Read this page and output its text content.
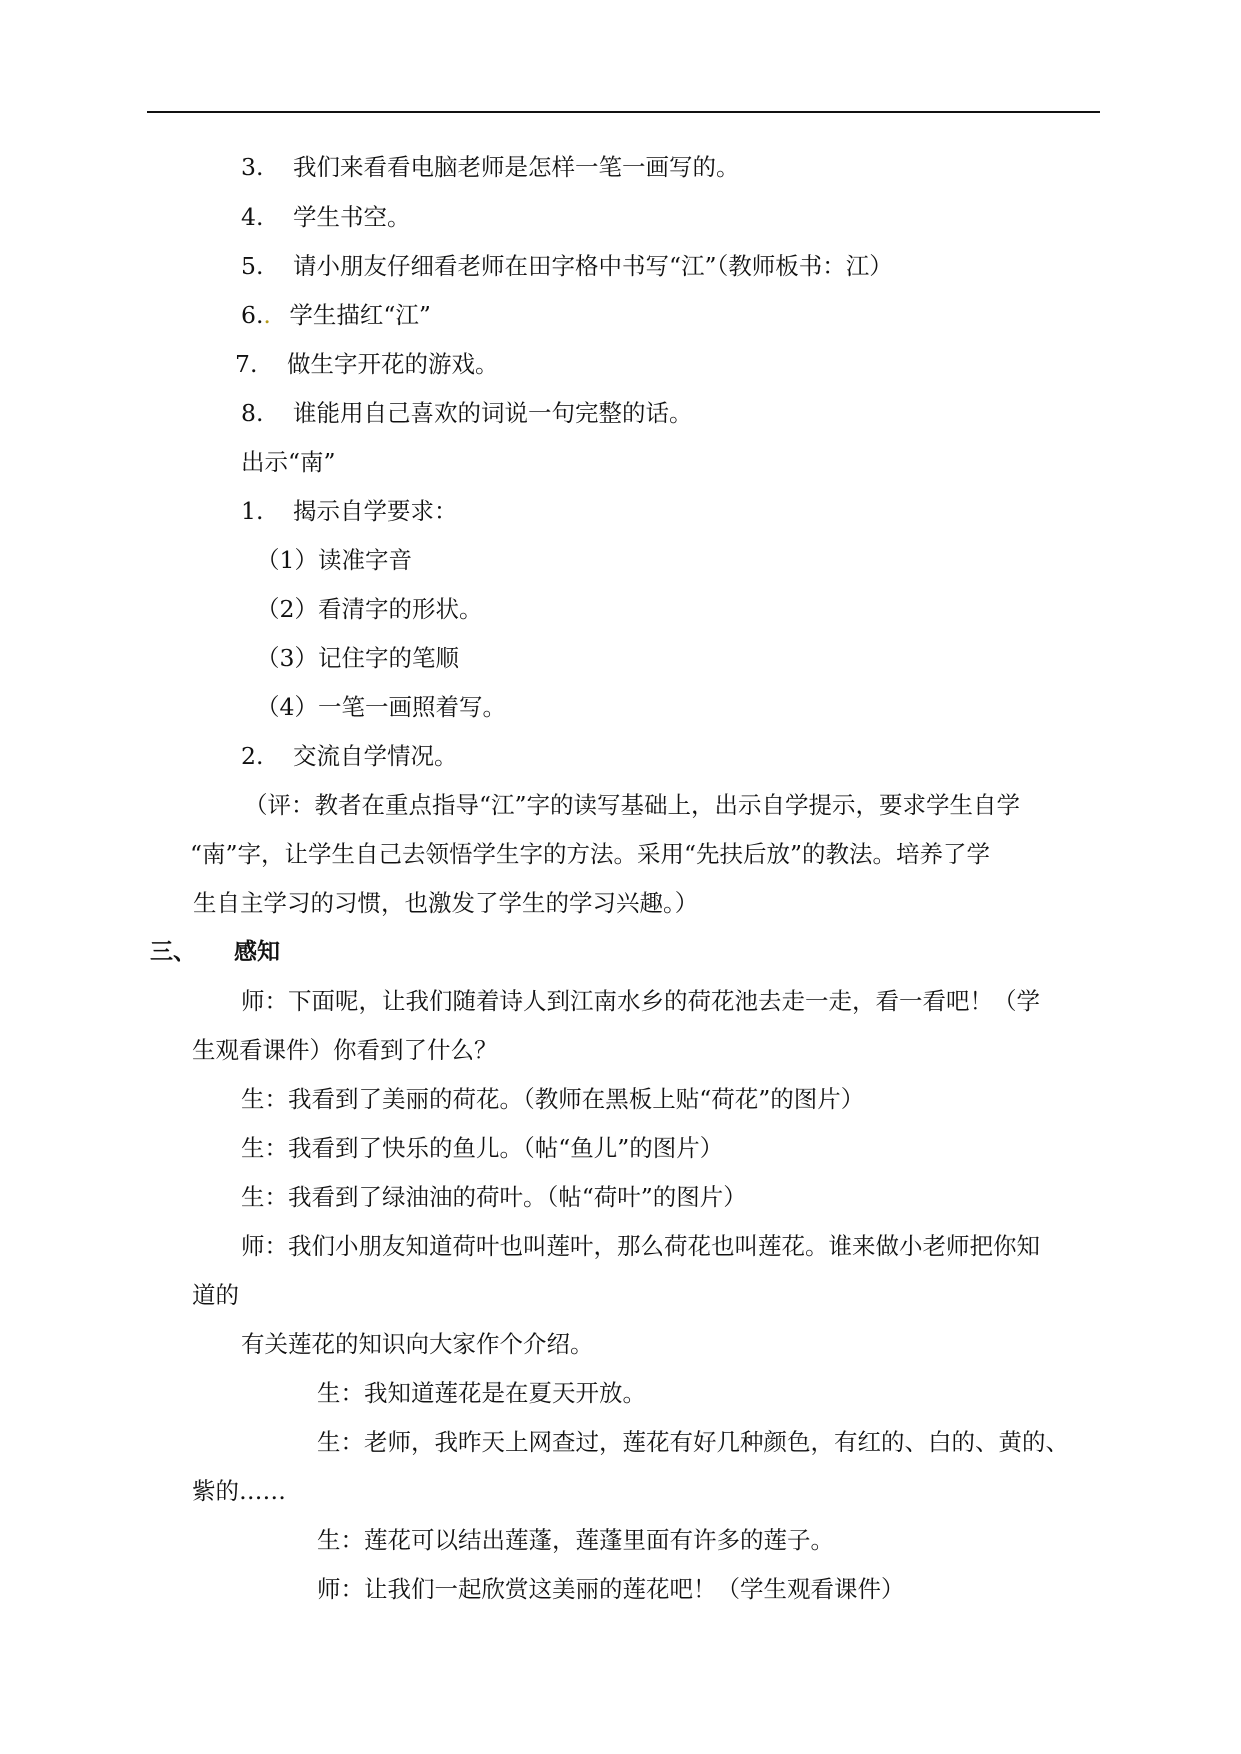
3. 我们来看看电脑老师是怎样一笔一画写的。
4. 学生书空。
5. 请小朋友仔细看老师在田字格中书写“江”（教师板书：江）
6.. 学生描红“江”
7. 做生字开花的游戏。
8. 谁能用自己喜欢的词说一句完整的话。
出示“南”
1. 揭示自学要求：
（1）读准字音
（2）看清字的形状。
（3）记住字的笔顺
（4）一笔一画照着写。
2. 交流自学情况。
（评：教者在重点指导“江”字的读写基础上，出示自学提示，要求学生自学
“南”字，让学生自己去领悟学生字的方法。采用“先扶后放”的教法。培养了学
生自主学习的习惯，也激发了学生的学习兴趣。）
三、 感知
师：下面呢，让我们随着诗人到江南水乡的荷花池去走一走，看一看吧！（学
生观看课件）你看到了什么？
生：我看到了美丽的荷花。（教师在黑板上贴“荷花”的图片）
生：我看到了快乐的鱼儿。（帖“鱼儿”的图片）
生：我看到了绿油油的荷叶。（帖“荷叶”的图片）
师：我们小朋友知道荷叶也叫莲叶，那么荷花也叫莲花。谁来做小老师把你知
道的
有关莲花的知识向大家作个介绍。
生：我知道莲花是在夏天开放。
生：老师，我昨天上网查过，莲花有好几种颜色，有红的、白的、黄的、
紫的……
生：莲花可以结出莲蓬，莲蓬里面有许多的莲子。
师：让我们一起欣赏这美丽的莲花吧！（学生观看课件）
